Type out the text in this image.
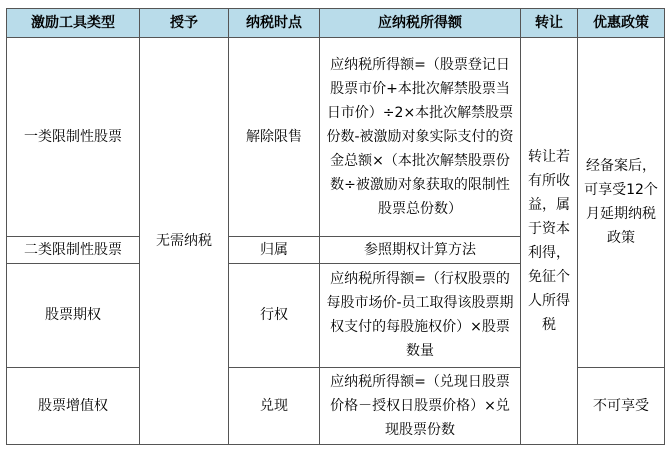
激励工具类型	授予	纳税时点	应纳税所得额	转让	优惠政策
一类限制性股票	无需纳税	解除限售	应纳税所得额=（股票登记日股票市价+本批次解禁股票当日市价）÷2×本批次解禁股票份数-被激励对象实际支付的资金总额×（本批次解禁股票份数÷被激励对象获取的限制性股票总份数）	转让若有所收益，属于资本利得，免征个人所得税	经备案后，可享受12个月延期纳税政策
二类限制性股票		归属	参照期权计算方法		
股票期权		行权	应纳税所得额=（行权股票的每股市场价-员工取得该股票期权支付的每股施权价）×股票数量		
股票增值权		兑现	应纳税所得额=（兑现日股票价格－授权日股票价格）×兑现股票份数		不可享受
